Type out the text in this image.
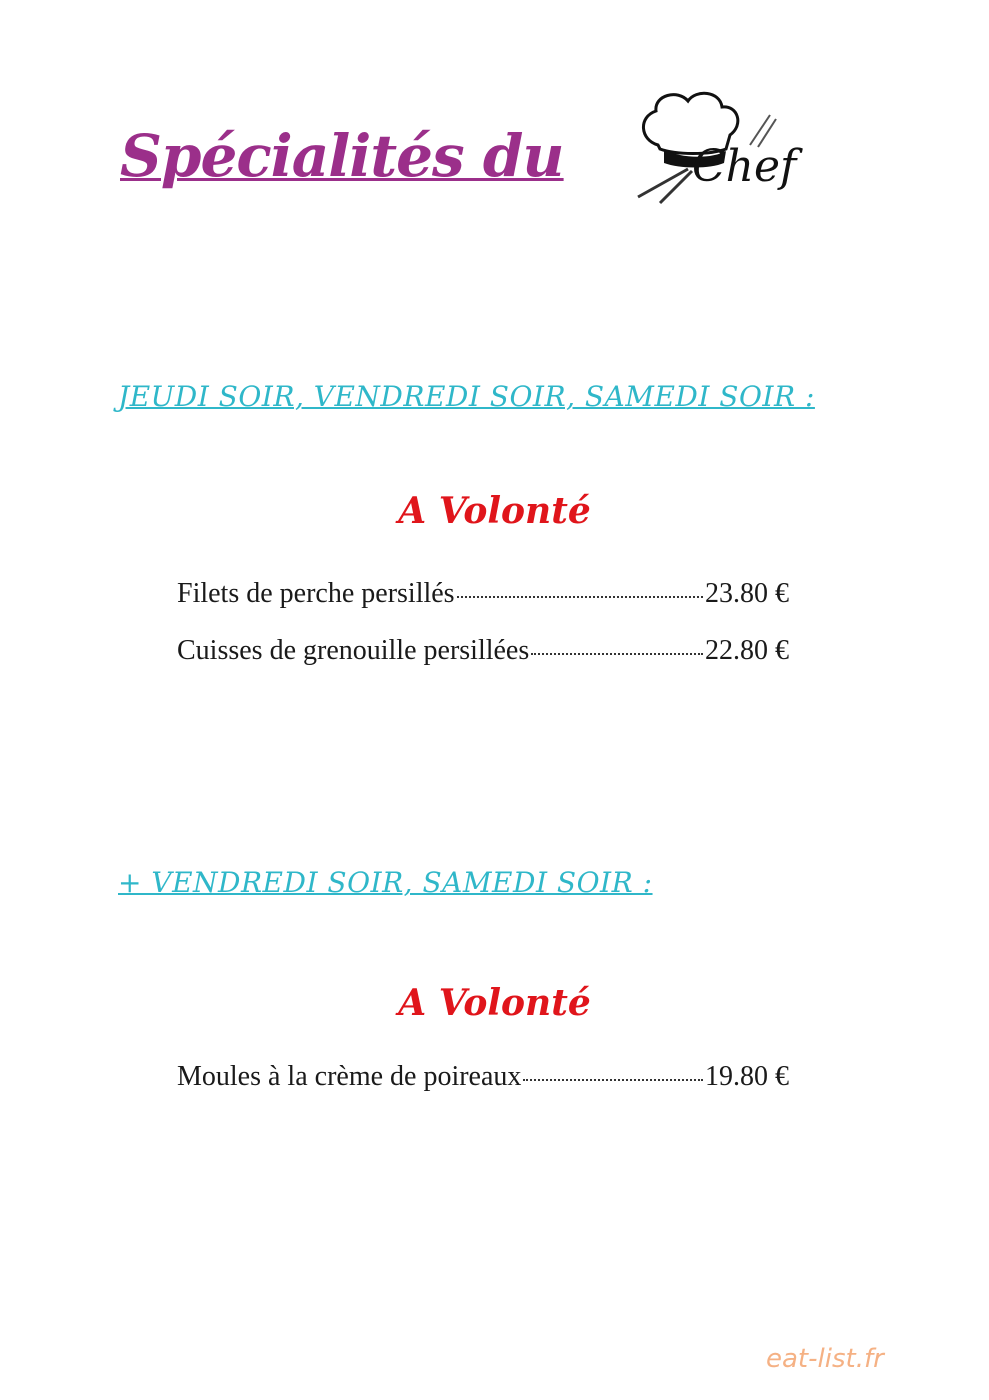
Spécialités du	Chef
JEUDI SOIR, VENDREDI SOIR, SAMEDI SOIR :
A Volonté
Filets de perche persillés	23.80 €
Cuisses de grenouille persillées	22.80 €
+ VENDREDI SOIR, SAMEDI SOIR :
A Volonté
Moules à la crème de poireaux	19.80 €
eat-list.fr
